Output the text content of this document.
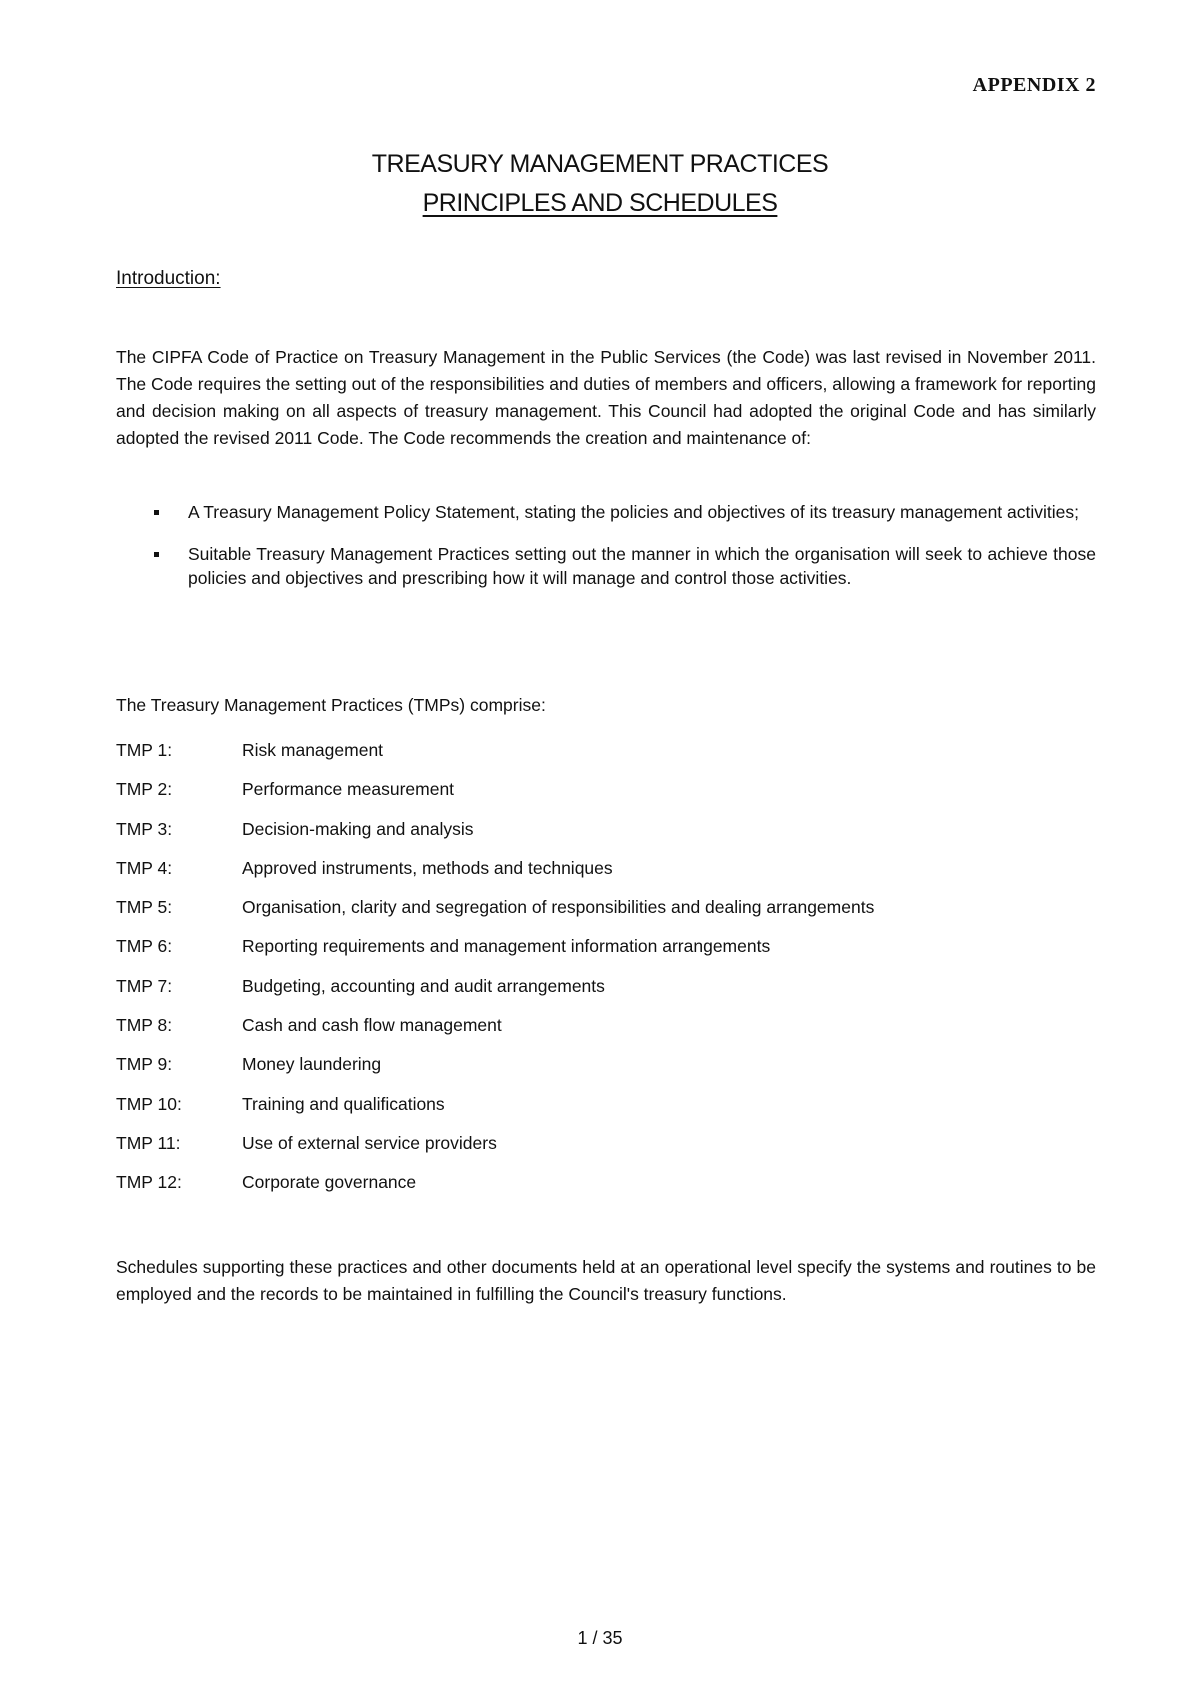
APPENDIX 2
TREASURY MANAGEMENT PRACTICES
PRINCIPLES AND SCHEDULES
Introduction:

The CIPFA Code of Practice on Treasury Management in the Public Services (the Code) was last revised in November 2011. The Code requires the setting out of the responsibilities and duties of members and officers, allowing a framework for reporting and decision making on all aspects of treasury management. This Council had adopted the original Code and has similarly adopted the revised 2011 Code. The Code recommends the creation and maintenance of:

A Treasury Management Policy Statement, stating the policies and objectives of its treasury management activities;
Suitable Treasury Management Practices setting out the manner in which the organisation will seek to achieve those policies and objectives and prescribing how it will manage and control those activities.

The Treasury Management Practices (TMPs) comprise:

TMP 1:	Risk management
TMP 2:	Performance measurement
TMP 3:	Decision-making and analysis
TMP 4:	Approved instruments, methods and techniques
TMP 5:	Organisation, clarity and segregation of responsibilities and dealing arrangements
TMP 6:	Reporting requirements and management information arrangements
TMP 7:	Budgeting, accounting and audit arrangements
TMP 8:	Cash and cash flow management
TMP 9:	Money laundering
TMP 10:	Training and qualifications
TMP 11:	Use of external service providers
TMP 12:	Corporate governance

Schedules supporting these practices and other documents held at an operational level specify the systems and routines to be employed and the records to be maintained in fulfilling the Council's treasury functions.

1 / 35
